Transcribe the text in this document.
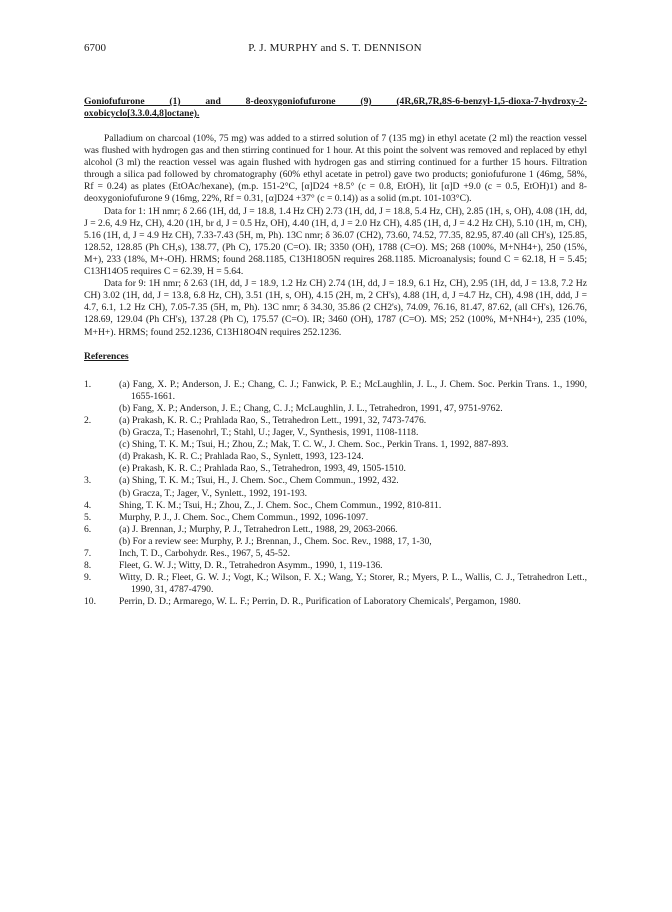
6700	P. J. MURPHY and S. T. DENNISON
Goniofufurone (1) and 8-deoxygoniofufurone (9) (4R,6R,7R,8S-6-benzyl-1,5-dioxa-7-hydroxy-2-oxobicyclo[3.3.0.4,8]octane).

Palladium on charcoal (10%, 75 mg) was added to a stirred solution of 7 (135 mg) in ethyl acetate (2 ml) the reaction vessel was flushed with hydrogen gas and then stirring continued for 1 hour. At this point the solvent was removed and replaced by ethyl alcohol (3 ml) the reaction vessel was again flushed with hydrogen gas and stirring continued for a further 15 hours. Filtration through a silica pad followed by chromatography (60% ethyl acetate in petrol) gave two products; goniofufurone 1 (46mg, 58%, Rf = 0.24) as plates (EtOAc/hexane), (m.p. 151-2°C, [α]D24 +8.5° (c = 0.8, EtOH), lit [α]D +9.0 (c = 0.5, EtOH)1) and 8-deoxygoniofufurone 9 (16mg, 22%, Rf = 0.31, [α]D24 +37° (c = 0.14)) as a solid (m.pt. 101-103°C).

Data for 1: 1H nmr; δ 2.66 (1H, dd, J = 18.8, 1.4 Hz CH) 2.73 (1H, dd, J = 18.8, 5.4 Hz, CH), 2.85 (1H, s, OH), 4.08 (1H, dd, J = 2.6, 4.9 Hz, CH), 4.20 (1H, br d, J = 0.5 Hz, OH), 4.40 (1H, d, J = 2.0 Hz CH), 4.85 (1H, d, J = 4.2 Hz CH), 5.10 (1H, m, CH), 5.16 (1H, d, J = 4.9 Hz CH), 7.33-7.43 (5H, m, Ph). 13C nmr; δ 36.07 (CH2), 73.60, 74.52, 77.35, 82.95, 87.40 (all CH's), 125.85, 128.52, 128.85 (Ph CH,s), 138.77, (Ph C), 175.20 (C=O). IR; 3350 (OH), 1788 (C=O). MS; 268 (100%, M+NH4+), 250 (15%, M+), 233 (18%, M+-OH). HRMS; found 268.1185, C13H18O5N requires 268.1185. Microanalysis; found C = 62.18, H = 5.45; C13H14O5 requires C = 62.39, H = 5.64.

Data for 9: 1H nmr; δ 2.63 (1H, dd, J = 18.9, 1.2 Hz CH) 2.74 (1H, dd, J = 18.9, 6.1 Hz, CH), 2.95 (1H, dd, J = 13.8, 7.2 Hz CH) 3.02 (1H, dd, J = 13.8, 6.8 Hz, CH), 3.51 (1H, s, OH), 4.15 (2H, m, 2 CH's), 4.88 (1H, d, J =4.7 Hz, CH), 4.98 (1H, ddd, J = 4.7, 6.1, 1.2 Hz CH), 7.05-7.35 (5H, m, Ph). 13C nmr; δ 34.30, 35.86 (2 CH2's), 74.09, 76.16, 81.47, 87.62, (all CH's), 126.76, 128.69, 129.04 (Ph CH's), 137.28 (Ph C), 175.57 (C=O). IR; 3460 (OH), 1787 (C=O). MS; 252 (100%, M+NH4+), 235 (10%, M+H+). HRMS; found 252.1236, C13H18O4N requires 252.1236.

References
1.	(a) Fang, X. P.; Anderson, J. E.; Chang, C. J.; Fanwick, P. E.; McLaughlin, J. L., J. Chem. Soc. Perkin Trans. 1., 1990, 1655-1661.
(b) Fang, X. P.; Anderson, J. E.; Chang, C. J.; McLaughlin, J. L., Tetrahedron, 1991, 47, 9751-9762.
2.	(a) Prakash, K. R. C.; Prahlada Rao, S., Tetrahedron Lett., 1991, 32, 7473-7476.
(b) Gracza, T.; Hasenohrl, T.; Stahl, U.; Jager, V., Synthesis, 1991, 1108-1118.
(c) Shing, T. K. M.; Tsui, H.; Zhou, Z.; Mak, T. C. W., J. Chem. Soc., Perkin Trans. 1, 1992, 887-893.
(d) Prakash, K. R. C.; Prahlada Rao, S., Synlett, 1993, 123-124.
(e) Prakash, K. R. C.; Prahlada Rao, S., Tetrahedron, 1993, 49, 1505-1510.
3.	(a) Shing, T. K. M.; Tsui, H., J. Chem. Soc., Chem Commun., 1992, 432.
(b) Gracza, T.; Jager, V., Synlett., 1992, 191-193.
4.	Shing, T. K. M.; Tsui, H.; Zhou, Z., J. Chem. Soc., Chem Commun., 1992, 810-811.
5.	Murphy, P. J., J. Chem. Soc., Chem Commun., 1992, 1096-1097.
6.	(a) J. Brennan, J.; Murphy, P. J., Tetrahedron Lett., 1988, 29, 2063-2066.
(b) For a review see: Murphy, P. J.; Brennan, J., Chem. Soc. Rev., 1988, 17, 1-30,
7.	Inch, T. D., Carbohydr. Res., 1967, 5, 45-52.
8.	Fleet, G. W. J.; Witty, D. R., Tetrahedron Asymm., 1990, 1, 119-136.
9.	Witty, D. R.; Fleet, G. W. J.; Vogt, K.; Wilson, F. X.; Wang, Y.; Storer, R.; Myers, P. L., Wallis, C. J., Tetrahedron Lett., 1990, 31, 4787-4790.
10.	Perrin, D. D.; Armarego, W. L. F.; Perrin, D. R., Purification of Laboratory Chemicals', Pergamon, 1980.
